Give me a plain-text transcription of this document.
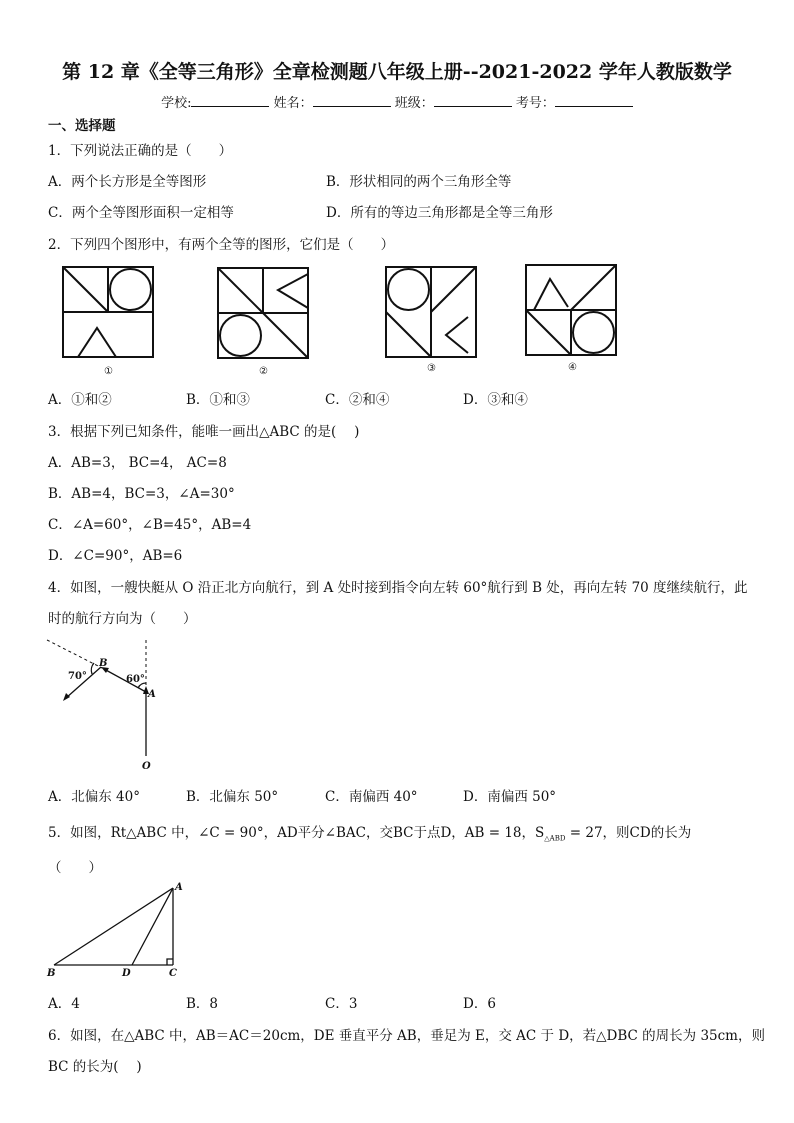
第 12 章《全等三角形》全章检测题八年级上册--2021-2022 学年人教版数学
学校:	姓名：	班级：	考号：
一、选择题
1．下列说法正确的是（　　）
A．两个长方形是全等图形	B．形状相同的两个三角形全等
C．两个全等图形面积一定相等	D．所有的等边三角形都是全等三角形
2．下列四个图形中，有两个全等的图形，它们是（　　）
①	②	③	④
A．①和②	B．①和③	C．②和④	D．③和④
3．根据下列已知条件，能唯一画出△ABC 的是(　 )
A．AB=3， BC=4， AC=8
B．AB=4，BC=3，∠A=30°
C．∠A=60°，∠B=45°，AB=4
D．∠C=90°，AB=6
4．如图，一艘快艇从 O 沿正北方向航行，到 A 处时接到指令向左转 60°航行到 B 处，再向左转 70 度继续航行，此
时的航行方向为（　　）
B
A
O
70°	60°
A．北偏东 40°	B．北偏东 50°	C．南偏西 40°	D．南偏西 50°
5．如图，Rt△ABC 中，∠C = 90°，AD平分∠BAC，交BC于点D，AB = 18，$S_{\triangle ABD} = 27$，则CD的长为
（　　）
A
B	C
D
A．4	B．8	C．3	D．6
6．如图，在△ABC 中，AB＝AC＝20cm，DE 垂直平分 AB，垂足为 E，交 AC 于 D，若△DBC 的周长为 35cm，则
BC 的长为(　 )
